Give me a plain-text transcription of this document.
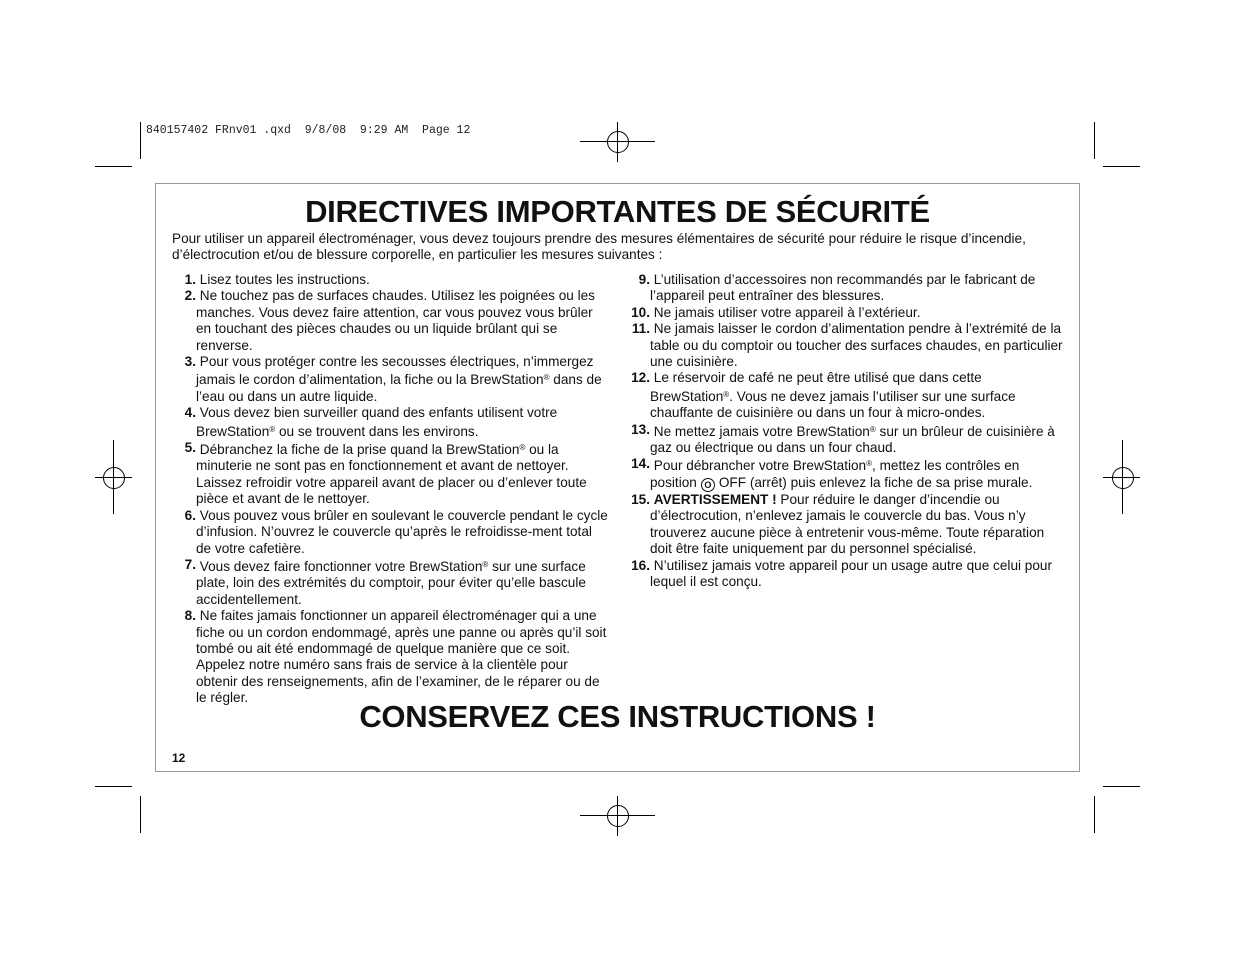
840157402 FRnv01 .qxd  9/8/08  9:29 AM  Page 12
DIRECTIVES IMPORTANTES DE SÉCURITÉ
Pour utiliser un appareil électroménager, vous devez toujours prendre des mesures élémentaires de sécurité pour réduire le risque d’incendie, d’électrocution et/ou de blessure corporelle, en particulier les mesures suivantes :
1. Lisez toutes les instructions.
2. Ne touchez pas de surfaces chaudes. Utilisez les poignées ou les manches. Vous devez faire attention, car vous pouvez vous brûler en touchant des pièces chaudes ou un liquide brûlant qui se renverse.
3. Pour vous protéger contre les secousses électriques, n’immergez jamais le cordon d’alimentation, la fiche ou la BrewStation® dans de l’eau ou dans un autre liquide.
4. Vous devez bien surveiller quand des enfants utilisent votre BrewStation® ou se trouvent dans les environs.
5. Débranchez la fiche de la prise quand la BrewStation® ou la minuterie ne sont pas en fonctionnement et avant de nettoyer. Laissez refroidir votre appareil avant de placer ou d’enlever toute pièce et avant de le nettoyer.
6. Vous pouvez vous brûler en soulevant le couvercle pendant le cycle d’infusion. N’ouvrez le couvercle qu’après le refroidisse-ment total de votre cafetière.
7. Vous devez faire fonctionner votre BrewStation® sur une surface plate, loin des extrémités du comptoir, pour éviter qu’elle bascule accidentellement.
8. Ne faites jamais fonctionner un appareil électroménager qui a une fiche ou un cordon endommagé, après une panne ou après qu’il soit tombé ou ait été endommagé de quelque manière que ce soit. Appelez notre numéro sans frais de service à la clientèle pour obtenir des renseignements, afin de l’examiner, de le réparer ou de le régler.
9. L’utilisation d’accessoires non recommandés par le fabricant de l’appareil peut entraîner des blessures.
10. Ne jamais utiliser votre appareil à l’extérieur.
11. Ne jamais laisser le cordon d’alimentation pendre à l’extrémité de la table ou du comptoir ou toucher des surfaces chaudes, en particulier une cuisinière.
12. Le réservoir de café ne peut être utilisé que dans cette BrewStation®. Vous ne devez jamais l’utiliser sur une surface chauffante de cuisinière ou dans un four à micro-ondes.
13. Ne mettez jamais votre BrewStation® sur un brûleur de cuisinière à gaz ou électrique ou dans un four chaud.
14. Pour débrancher votre BrewStation®, mettez les contrôles en position O OFF (arrêt) puis enlevez la fiche de sa prise murale.
15. AVERTISSEMENT ! Pour réduire le danger d’incendie ou d’électrocution, n’enlevez jamais le couvercle du bas. Vous n’y trouverez aucune pièce à entretenir vous-même. Toute réparation doit être faite uniquement par du personnel spécialisé.
16. N’utilisez jamais votre appareil pour un usage autre que celui pour lequel il est conçu.
CONSERVEZ CES INSTRUCTIONS !
12
